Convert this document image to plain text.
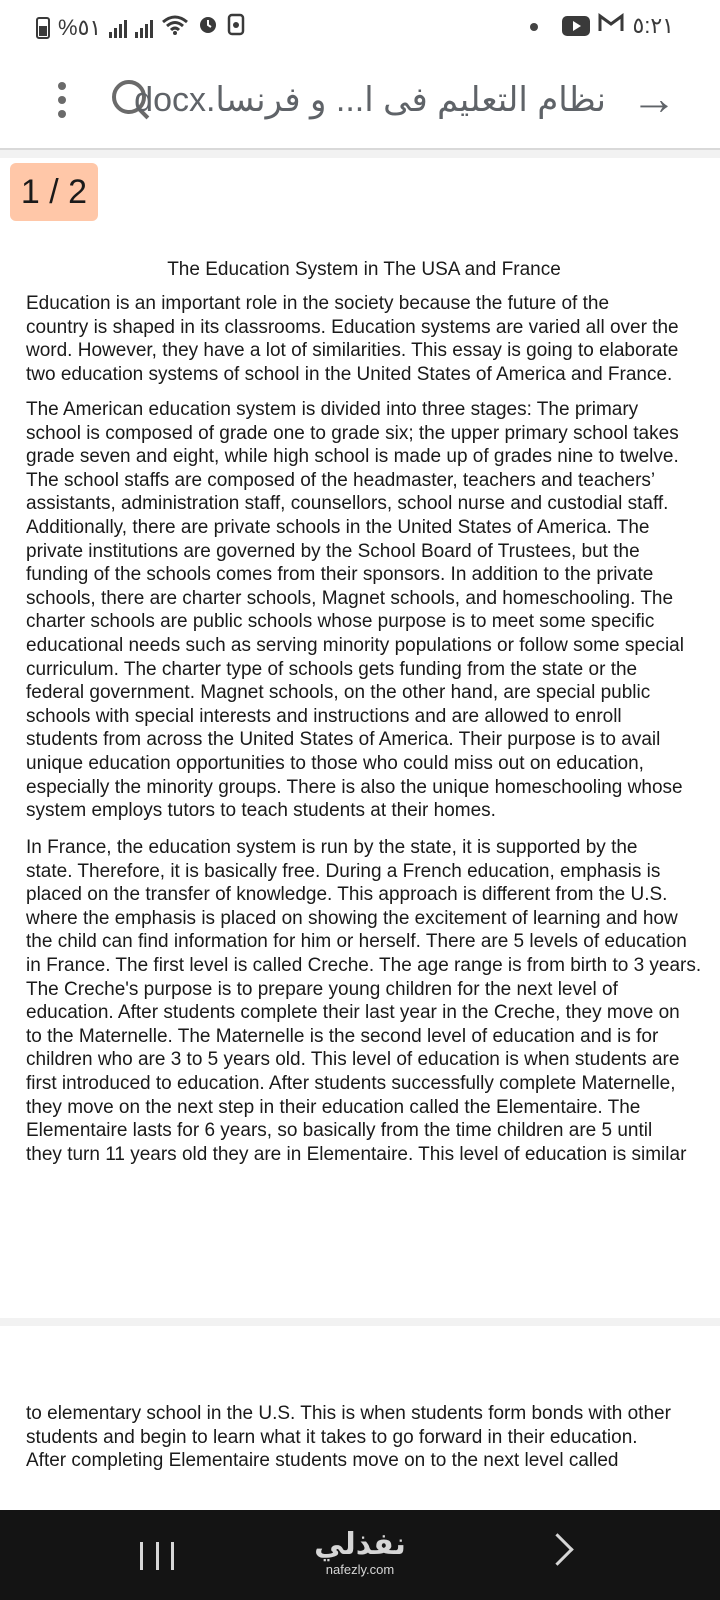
%٥١	٥:٢١
نظام التعليم فى ا... و فرنسا.docx →
1 / 2
The Education System in The USA and France

Education is an important role in the society because the future of the

country is shaped in its classrooms. Education systems are varied all over the

word. However, they have a lot of similarities. This essay is going to elaborate

two education systems of school in the United States of America and France.

The American education system is divided into three stages: The primary

school is composed of grade one to grade six; the upper primary school takes

grade seven and eight, while high school is made up of grades nine to twelve.

The school staffs are composed of the headmaster, teachers and teachers’

assistants, administration staff, counsellors, school nurse and custodial staff.

Additionally, there are private schools in the United States of America. The

private institutions are governed by the School Board of Trustees, but the

funding of the schools comes from their sponsors. In addition to the private

schools, there are charter schools, Magnet schools, and homeschooling. The

charter schools are public schools whose purpose is to meet some specific

educational needs such as serving minority populations or follow some special

curriculum. The charter type of schools gets funding from the state or the

federal government. Magnet schools, on the other hand, are special public

schools with special interests and instructions and are allowed to enroll

students from across the United States of America. Their purpose is to avail

unique education opportunities to those who could miss out on education,

especially the minority groups. There is also the unique homeschooling whose

system employs tutors to teach students at their homes.

In France, the education system is run by the state, it is supported by the

state. Therefore, it is basically free. During a French education, emphasis is

placed on the transfer of knowledge. This approach is different from the U.S.

where the emphasis is placed on showing the excitement of learning and how

the child can find information for him or herself. There are 5 levels of education

in France. The first level is called Creche. The age range is from birth to 3 years.

The Creche's purpose is to prepare young children for the next level of

education. After students complete their last year in the Creche, they move on

to the Maternelle. The Maternelle is the second level of education and is for

children who are 3 to 5 years old. This level of education is when students are

first introduced to education. After students successfully complete Maternelle,

they move on the next step in their education called the Elementaire. The

Elementaire lasts for 6 years, so basically from the time children are 5 until

they turn 11 years old they are in Elementaire. This level of education is similar

to elementary school in the U.S. This is when students form bonds with other

students and begin to learn what it takes to go forward in their education.

After completing Elementaire students move on to the next level called

نفذلي
nafezly.com
